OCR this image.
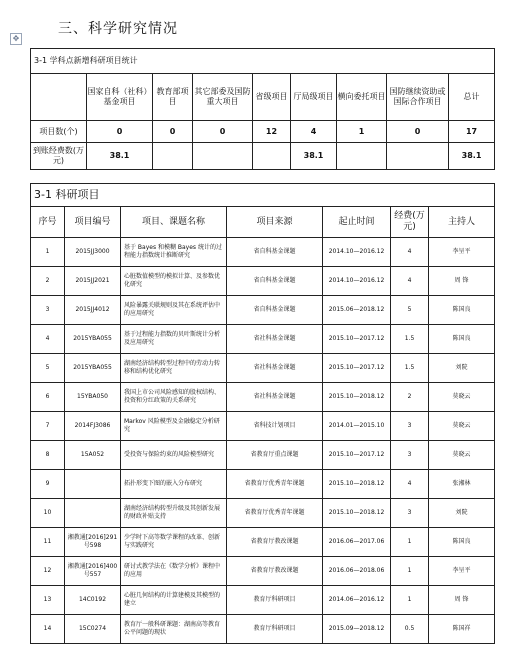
三、科学研究情况
✥
3-1 学科点新增科研项目统计								
	国家自科（社科）基金项目	教育部项目	其它部委及国防重大项目	省级项目	厅局级项目	横向委托项目	国防继续资助或国际合作项目	总计
项目数(个)	0	0	0	12	4	1	0	17
到账经费数(万元)	38.1				38.1			38.1
3-1 科研项目						
序号	项目编号	项目、课题名称	项目来源	起止时间	经费(万元)	主持人
1	2015JJ3000	基于 Bayes 和模糊 Bayes 统计的过程能力指数统计推断研究	省自科基金课题	2014.10—2016.12	4	李呈平
2	2015JJ2021	心脏数值模型的模拟计算、及参数优化研究	省自科基金课题	2014.10—2016.12	4	周 锋
3	2015JJ4012	风险暴露关联规则及其在系统评估中的应用研究	省自科基金课题	2015.06—2018.12	5	陈国良
4	2015YBA055	基于过程能力指数的贝叶斯统计分析及应用研究	省社科基金课题	2015.10—2017.12	1.5	陈国良
5	2015YBA055	湖南经济结构转型过程中的劳动力转移和结构优化研究	省社科基金课题	2015.10—2017.12	1.5	刘院
6	15YBA050	我国上市公司风险感知的股权结构、投资和分红政策的关系研究	省社科基金课题	2015.10—2018.12	2	莫晓云
7	2014FJ3086	Markov 风险模型及金融稳定分析研究	省科技计划项目	2014.01—2015.10	3	莫晓云
8	15A052	受投资与保险约束的风险模型研究	省教育厅重点课题	2015.10—2017.12	3	莫晓云
9		拓扑形变下图的嵌入分布研究	省教育厅优秀青年课题	2015.10—2018.12	4	张湘林
10		湖南经济结构转型升级及其创新发展的财政补贴支持	省教育厅优秀青年课题	2015.10—2018.12	3	刘院
11	湘教通[2016]291号598	少学时下高等数学课程的改革、创新与实践研究	省教育厅教改课题	2016.06—2017.06	1	陈国良
12	湘教通[2016]400号557	研讨式教学法在《数学分析》课程中的应用	省教育厅教改课题	2016.06—2018.06	1	李呈平
13	14C0192	心脏几何结构的计算建模及其模型的建立	教育厅科研项目	2014.06—2016.12	1	周 锋
14	15C0274	教育厅一般科研课题：湖南高等教育公平问题的现状	教育厅科研项目	2015.09—2018.12	0.5	陈国祥
